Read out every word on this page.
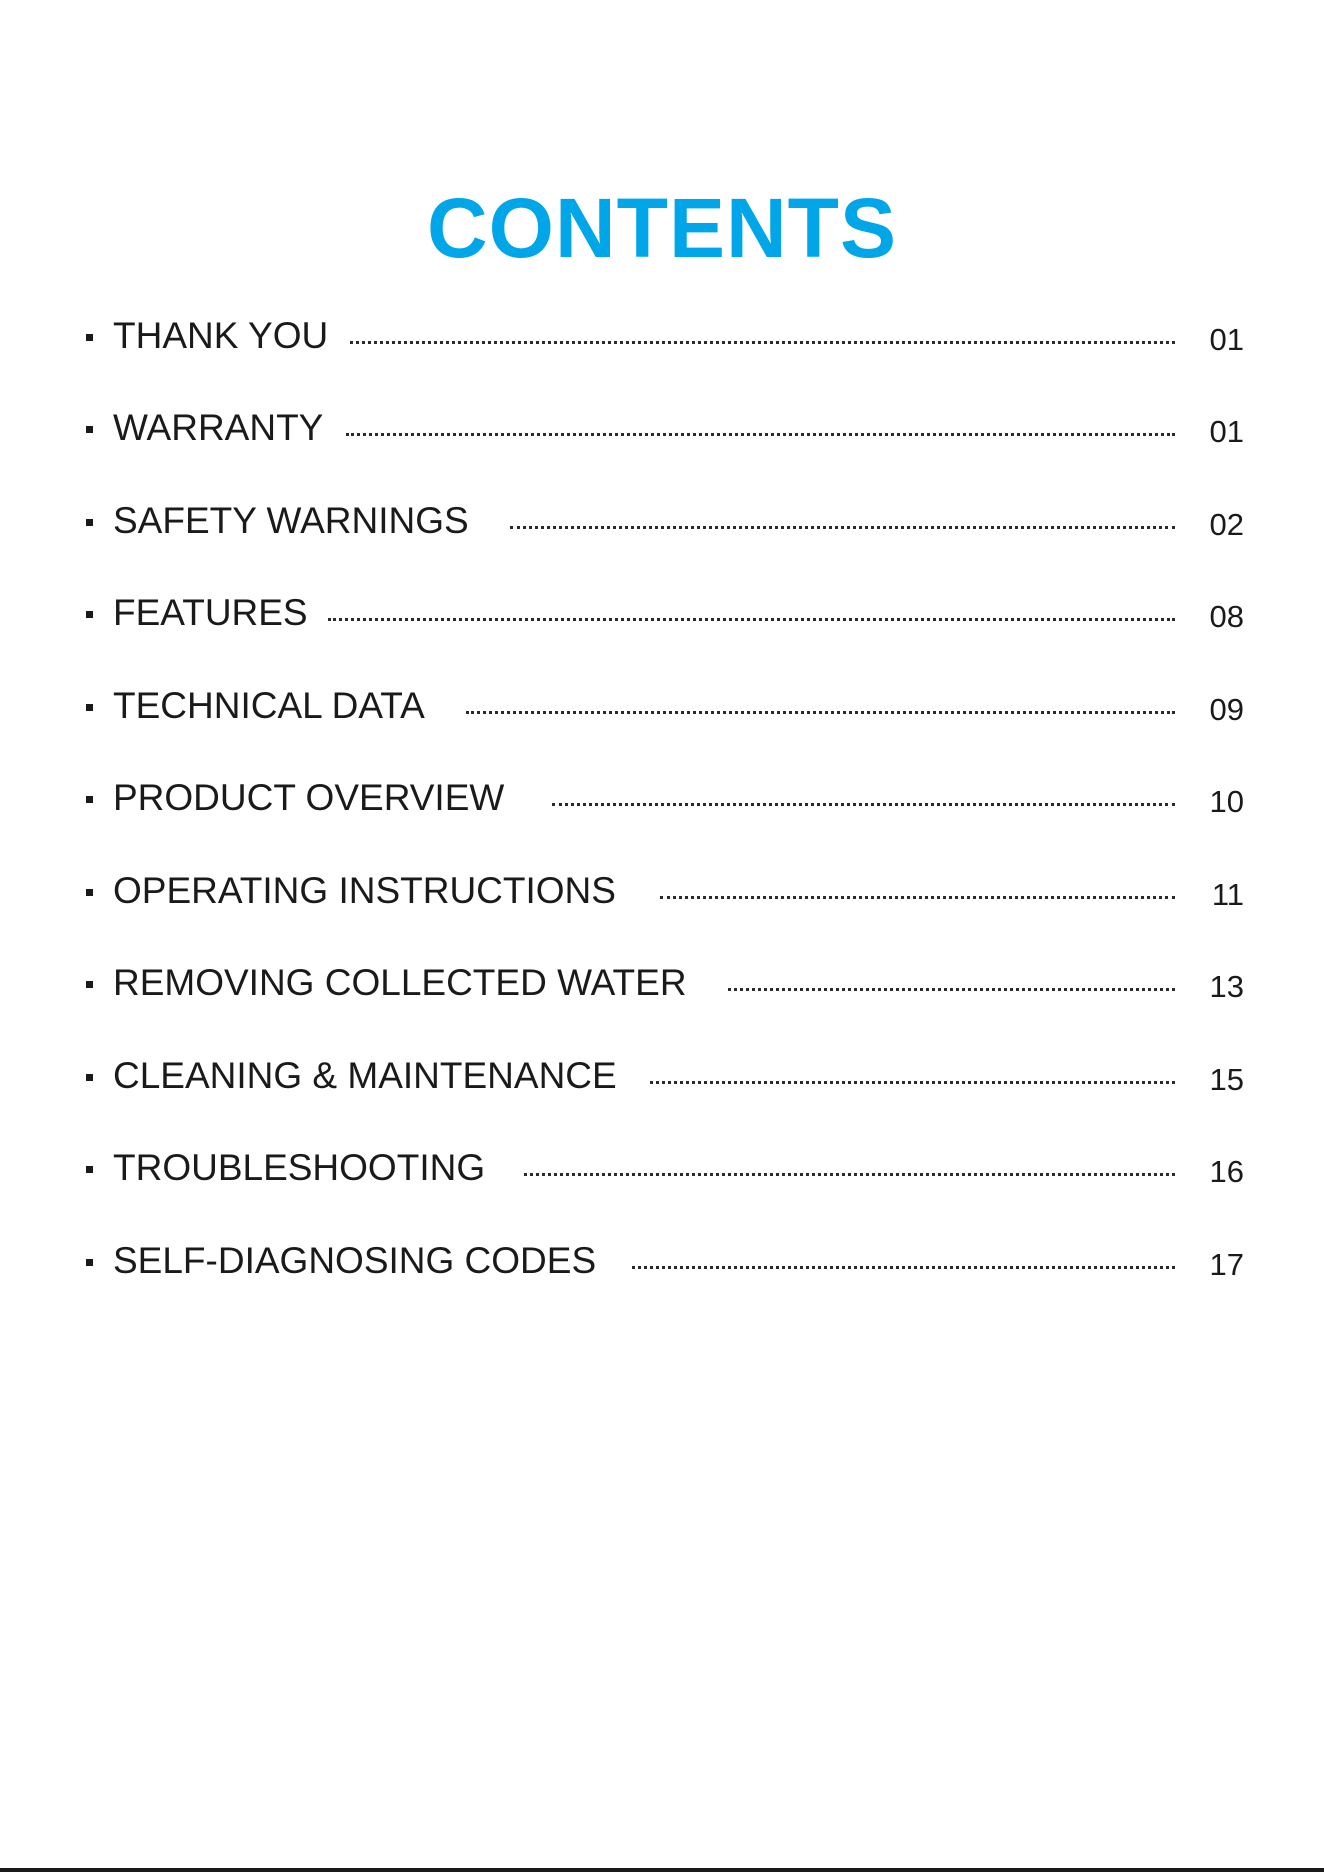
CONTENTS
THANK YOU	01
WARRANTY	01
SAFETY WARNINGS	02
FEATURES	08
TECHNICAL DATA	09
PRODUCT OVERVIEW	10
OPERATING INSTRUCTIONS	11
REMOVING COLLECTED WATER	13
CLEANING & MAINTENANCE	15
TROUBLESHOOTING	16
SELF-DIAGNOSING CODES	17
